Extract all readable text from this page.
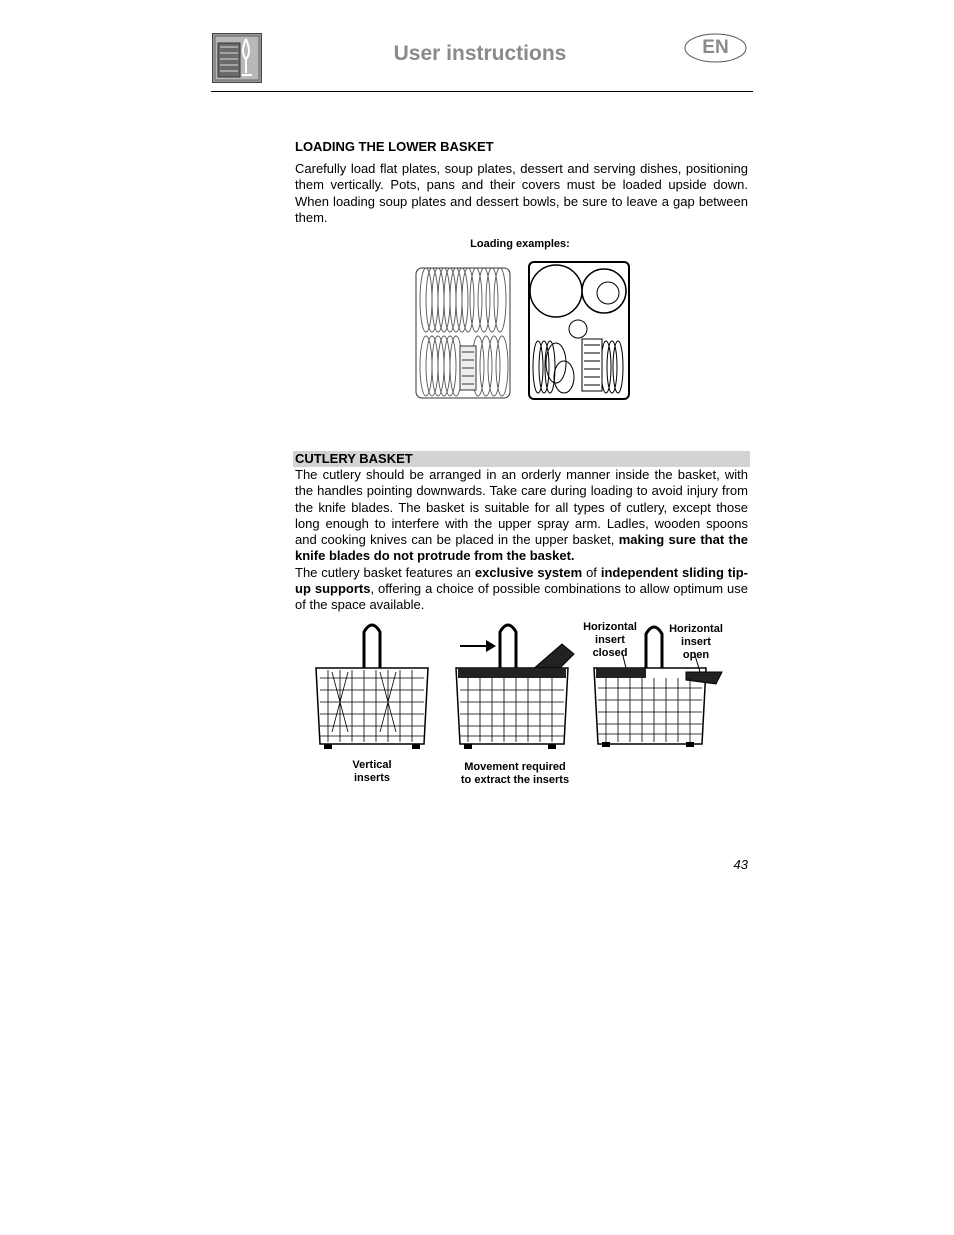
User instructions	EN
LOADING THE LOWER BASKET
Carefully load flat plates, soup plates, dessert and serving dishes, positioning them vertically. Pots, pans and their covers must be loaded upside down. When loading soup plates and dessert bowls, be sure to leave a gap between them.
Loading examples:
CUTLERY BASKET

The cutlery should be arranged in an orderly manner inside the basket, with the handles pointing downwards. Take care during loading to avoid injury from the knife blades. The basket is suitable for all types of cutlery, except those long enough to interfere with the upper spray arm. Ladles, wooden spoons and cooking knives can be placed in the upper basket, making sure that the knife blades do not protrude from the basket.

The cutlery basket features an exclusive system of independent sliding tip-up supports, offering a choice of possible combinations to allow optimum use of the space available.

Horizontal
insert
closed
Horizontal
insert
open
Vertical
inserts
Movement required
to extract the inserts
43
